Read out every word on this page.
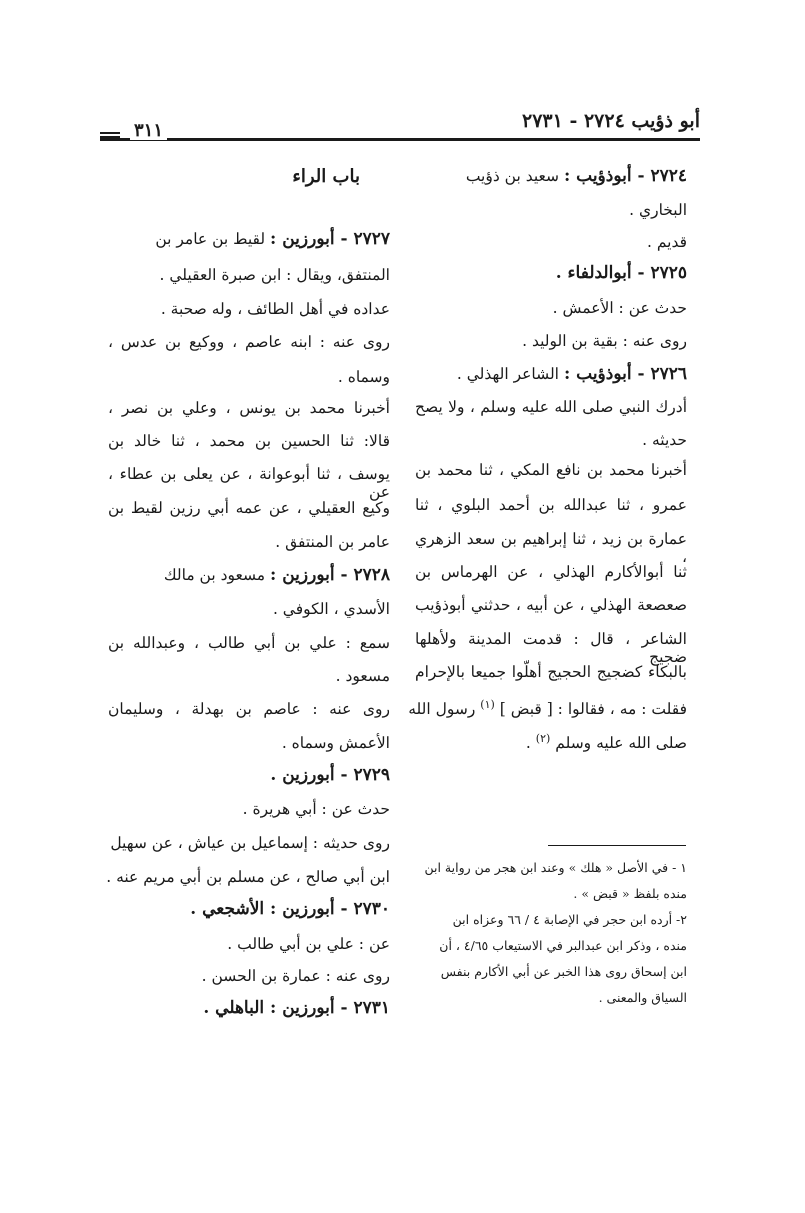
أبو ذؤيب ٢٧٢٤ - ٢٧٣١
٣١١
٢٧٢٤ - أبوذؤيب : سعيد بن ذؤيب
البخاري .
قديم .
٢٧٢٥ - أبوالدلفاء .
حدث عن : الأعمش .
روى عنه : بقية بن الوليد .
٢٧٢٦ - أبوذؤيب : الشاعر الهذلي .
أدرك النبي صلى الله عليه وسلم ، ولا يصح
حديثه .
أخبرنا محمد بن نافع المكي ، ثنا محمد بن
عمرو ، ثنا عبدالله بن أحمد البلوي ، ثنا
عمارة بن زيد ، ثنا إبراهيم بن سعد الزهري ،
ثنا أبوالأكارم الهذلي ، عن الهرماس بن
صعصعة الهذلي ، عن أبيه ، حدثني أبوذؤيب
الشاعر ، قال : قدمت المدينة ولأهلها ضجيج
بالبكاء كضجيج الحجيج أهلّوا جميعا بالإحرام
فقلت : مه ، فقالوا : [ قبض ] $^{(١)}$ رسول الله
صلى الله عليه وسلم $^{(٢)}$ .
١ - في الأصل « هلك » وعند ابن هجر من رواية ابن
منده بلفظ « قبض » .
٢- أرده ابن حجر في الإصابة ٤ / ٦٦ وعزاه ابن
منده ، وذكر ابن عبدالبر في الاستيعاب ٤/٦٥ ، أن
ابن إسحاق روى هذا الخبر عن أبي الأكارم بنفس
السياق والمعنى .
باب الراء
٢٧٢٧ - أبورزين : لقيط بن عامر بن
المنتفق، ويقال : ابن صبرة العقيلي .
عداده في أهل الطائف ، وله صحبة .
روى عنه : ابنه عاصم ، ووكيع بن عدس ،
وسماه .
أخبرنا محمد بن يونس ، وعلي بن نصر ،
قالا: ثنا الحسين بن محمد ، ثنا خالد بن
يوسف ، ثنا أبوعوانة ، عن يعلى بن عطاء ، عن
وكيع العقيلي ، عن عمه أبي رزين لقيط بن
عامر بن المنتفق .
٢٧٢٨ - أبورزين : مسعود بن مالك
الأسدي ، الكوفي .
سمع : علي بن أبي طالب ، وعبدالله بن
مسعود .
روى عنه : عاصم بن بهدلة ، وسليمان
الأعمش وسماه .
٢٧٢٩ - أبورزين .
حدث عن : أبي هريرة .
روى حديثه : إسماعيل بن عياش ، عن سهيل
ابن أبي صالح ، عن مسلم بن أبي مريم عنه .
٢٧٣٠ - أبورزين : الأشجعي .
عن : علي بن أبي طالب .
روى عنه : عمارة بن الحسن .
٢٧٣١ - أبورزين : الباهلي .
